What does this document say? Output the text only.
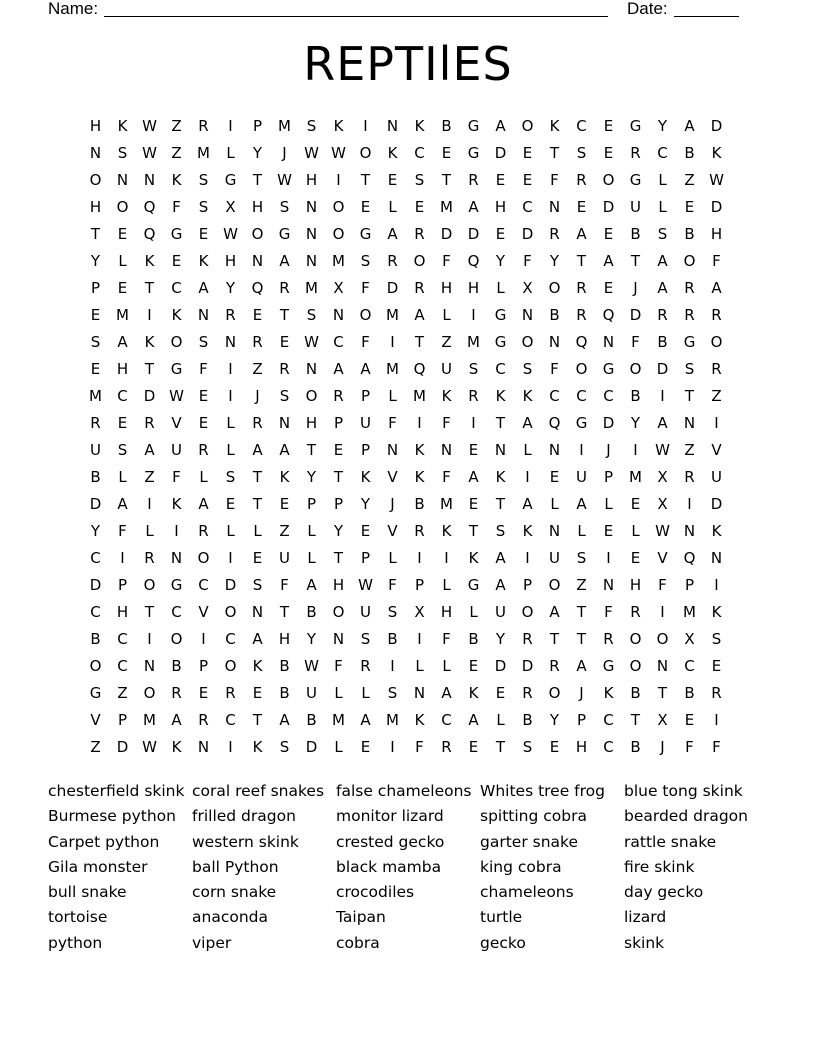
Name:	Date:
REPTIlES
H	K W Z	R	I	P	M	S	K	I	N	K	B	G	A	O	K	C	E	G	Y	A	D
N	S W Z	M	L	Y	J	W W O	K	C	E	G	D	E	T	S	E	R	C	B	K
O	N	N	K	S	G	T	W H	I	T	E	S	T	R	E	E	F	R	O	G	L	Z W
H	O	Q	F	S	X	H	S	N	O	E	L	E	M	A	H	C	N	E	D	U	L	E	D
T	E	Q	G	E W O	G	N	O	G	A	R	D	D	E	D	R	A	E	B	S	B	H
Y	L	K	E	K	H	N	A	N M	S	R	O	F	Q	Y	F	Y	T	A	T	A	O	F
P	E	T	C	A	Y	Q	R	M	X	F	D	R	H	H	L	X	O	R	E	J	A	R	A
E	M	I	K	N	R	E	T	S	N	O M	A	L	I	G	N	B	R	Q	D	R	R	R
S	A	K	O	S	N	R	E W C	F	I	T	Z	M G	O	N	Q	N	F	B	G	O
E	H	T	G	F	I	Z	R	N	A	A	M Q	U	S	C	S	F	O	G	O	D	S	R
M	C	D W E	I	J	S	O	R	P	L	M	K	R	K	K	C	C	C	B	I	T	Z
R	E	R	V	E	L	R	N	H	P	U	F	I	F	I	T	A	Q	G	D	Y	A	N	I
U	S	A	U	R	L	A	A	T	E	P	N	K	N	E	N	L	N	I	J	I	W Z	V
B	L	Z	F	L	S	T	K	Y	T	K	V	K	F	A	K	I	E	U	P	M	X	R	U
D	A	I	K	A	E	T	E	P	P	Y	J	B	M	E	T	A	L	A	L	E	X	I	D
Y	F	L	I	R	L	L	Z	L	Y	E	V	R	K	T	S	K	N	L	E	L	W N	K
C	I	R	N	O	I	E	U	L	T	P	L	I	I	K	A	I	U	S	I	E	V	Q	N
D	P	O	G	C	D	S	F	A	H W	F	P	L	G	A	P	O	Z	N	H	F	P	I
C	H	T	C	V	O	N	T	B	O	U	S	X	H	L	U	O	A	T	F	R	I	M	K
B	C	I	O	I	C	A	H	Y	N	S	B	I	F	B	Y	R	T	T	R	O	O	X	S
O	C	N	B	P	O	K	B W	F	R	I	L	L	E	D	D	R	A	G	O	N	C	E
G	Z	O	R	E	R	E	B	U	L	L	S	N	A	K	E	R	O	J	K	B	T	B	R
V	P	M	A	R	C	T	A	B	M	A	M	K	C	A	L	B	Y	P	C	T	X	E	I
Z	D W K	N	I	K	S	D	L	E	I	F	R	E	T	S	E	H	C	B	J	F	F
chesterfield skink
Burmese python
Carpet python
Gila monster
bull snake
tortoise
python
coral reef snakes
frilled dragon
western skink
ball Python
corn snake
anaconda
viper
false chameleons
monitor lizard
crested gecko
black mamba
crocodiles
Taipan
cobra
Whites tree frog
spitting cobra
garter snake
king cobra
chameleons
turtle
gecko
blue tong skink
bearded dragon
rattle snake
fire skink
day gecko
lizard
skink
